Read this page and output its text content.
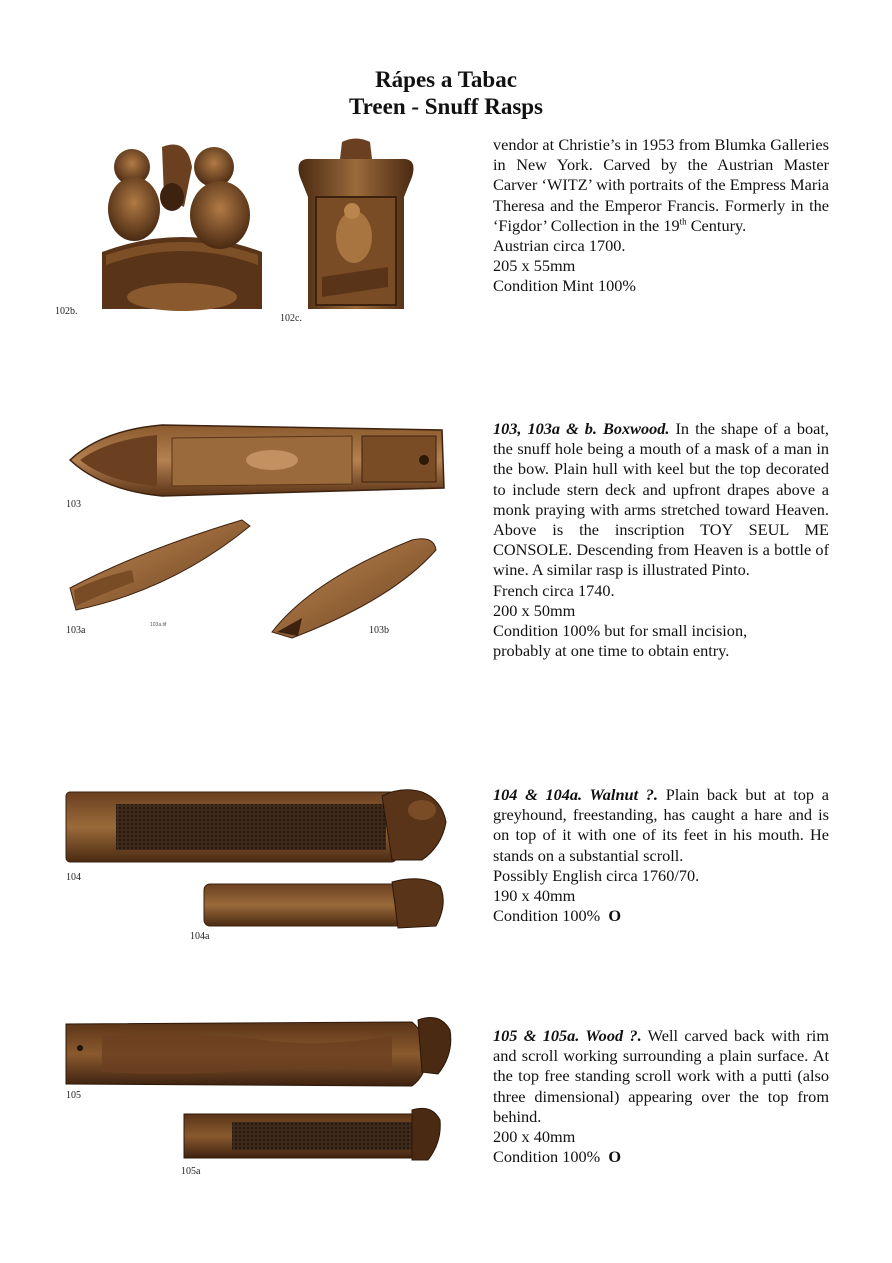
Rápes a Tabac
Treen - Snuff Rasps
102b.
102c.

vendor at Christie’s in 1953 from Blumka Galleries in New York. Carved by the Austrian Master Carver ‘WITZ’ with portraits of the Empress Maria Theresa and the Emperor Francis. Formerly in the ‘Figdor’ Collection in the 19th Century.

Austrian circa 1700.

205 x 55mm

Condition Mint 100%

103
103a	103a.tif	103b

103, 103a & b. Boxwood. In the shape of a boat, the snuff hole being a mouth of a mask of a man in the bow. Plain hull with keel but the top decorated to include stern deck and upfront drapes above a monk praying with arms stretched toward Heaven. Above is the inscription TOY SEUL ME CONSOLE. Descending from Heaven is a bottle of wine. A similar rasp is illustrated Pinto.

French circa 1740.

200 x 50mm

Condition 100% but for small incision,

probably at one time to obtain entry.

104
104a

104 & 104a. Walnut ?. Plain back but at top a greyhound, freestanding, has caught a hare and is on top of it with one of its feet in his mouth. He stands on a substantial scroll.

Possibly English circa 1760/70.

190 x 40mm

Condition 100% O

105
105a

105 & 105a. Wood ?. Well carved back with rim and scroll working surrounding a plain surface. At the top free standing scroll work with a putti (also three dimensional) appearing over the top from behind.

200 x 40mm

Condition 100% O
